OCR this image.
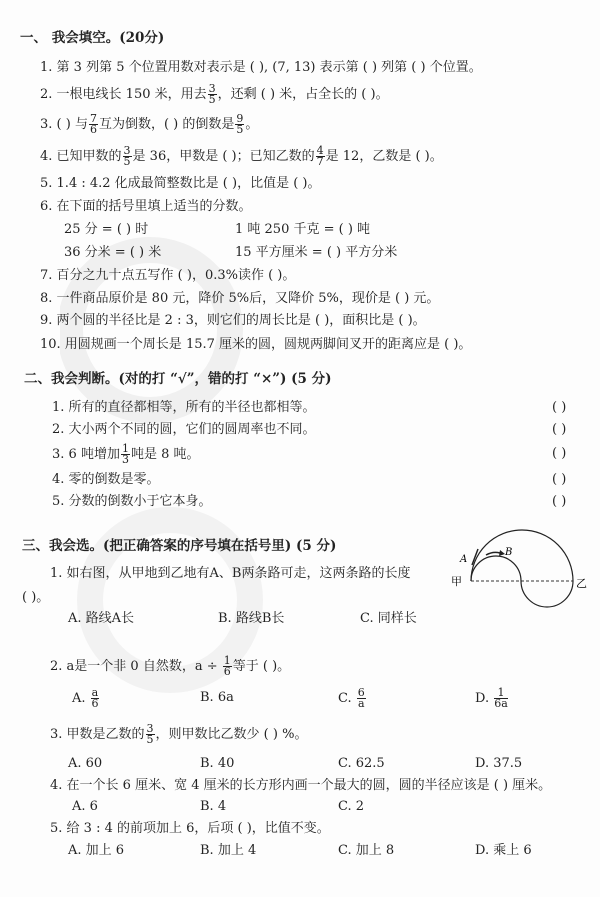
甲	乙
A
B
一、 我会填空。(20分)
1. 第 3 列第 5 个位置用数对表示是 ( ), (7, 13) 表示第 ( ) 列第 ( ) 个位置。
2. 一根电线长 150 米，用去 $\frac{3}{5}$ ，还剩 ( ) 米，占全长的 ( )。
3. ( ) 与 $\frac{7}{6}$ 互为倒数，( ) 的倒数是 $\frac{9}{5}$ 。
4. 已知甲数的 $\frac{3}{5}$ 是 36，甲数是 ( )；已知乙数的 $\frac{4}{7}$ 是 12，乙数是 ( )。
5. 1.4 : 4.2 化成最简整数比是 ( )，比值是 ( )。
6. 在下面的括号里填上适当的分数。
25 分 = ( ) 时	1 吨 250 千克 = ( ) 吨
36 分米 = ( ) 米	15 平方厘米 = ( ) 平方分米
7. 百分之九十点五写作 ( )，0.3%读作 ( )。
8. 一件商品原价是 80 元，降价 5%后，又降价 5%，现价是 ( ) 元。
9. 两个圆的半径比是 2 : 3，则它们的周长比是 ( )，面积比是 ( )。
10. 用圆规画一个周长是 15.7 厘米的圆，圆规两脚间叉开的距离应是 ( )。
二、我会判断。(对的打 “√”，错的打 “×”) (5 分)
1. 所有的直径都相等，所有的半径也都相等。	( )
2. 大小两个不同的圆，它们的圆周率也不同。	( )
3. 6 吨增加 $\frac{1}{3}$ 吨是 8 吨。	( )
4. 零的倒数是零。	( )
5. 分数的倒数小于它本身。	( )
三、我会选。(把正确答案的序号填在括号里) (5 分)
1. 如右图，从甲地到乙地有A、B两条路可走，这两条路的长度
( )。
A. 路线A长	B. 路线B长	C. 同样长
2. a是一个非 0 自然数，$a \div \frac{1}{6}$ 等于 ( )。
A. $\frac{a}{6}$	B. 6a	C. $\frac{6}{a}$	D. $\frac{1}{6a}$
3. 甲数是乙数的 $\frac{3}{5}$ ，则甲数比乙数少 ( ) %。
A. 60	B. 40	C. 62.5	D. 37.5
4. 在一个长 6 厘米、宽 4 厘米的长方形内画一个最大的圆，圆的半径应该是 ( ) 厘米。
A. 6	B. 4	C. 2
5. 给 3 : 4 的前项加上 6，后项 ( )，比值不变。
A. 加上 6	B. 加上 4	C. 加上 8	D. 乘上 6
